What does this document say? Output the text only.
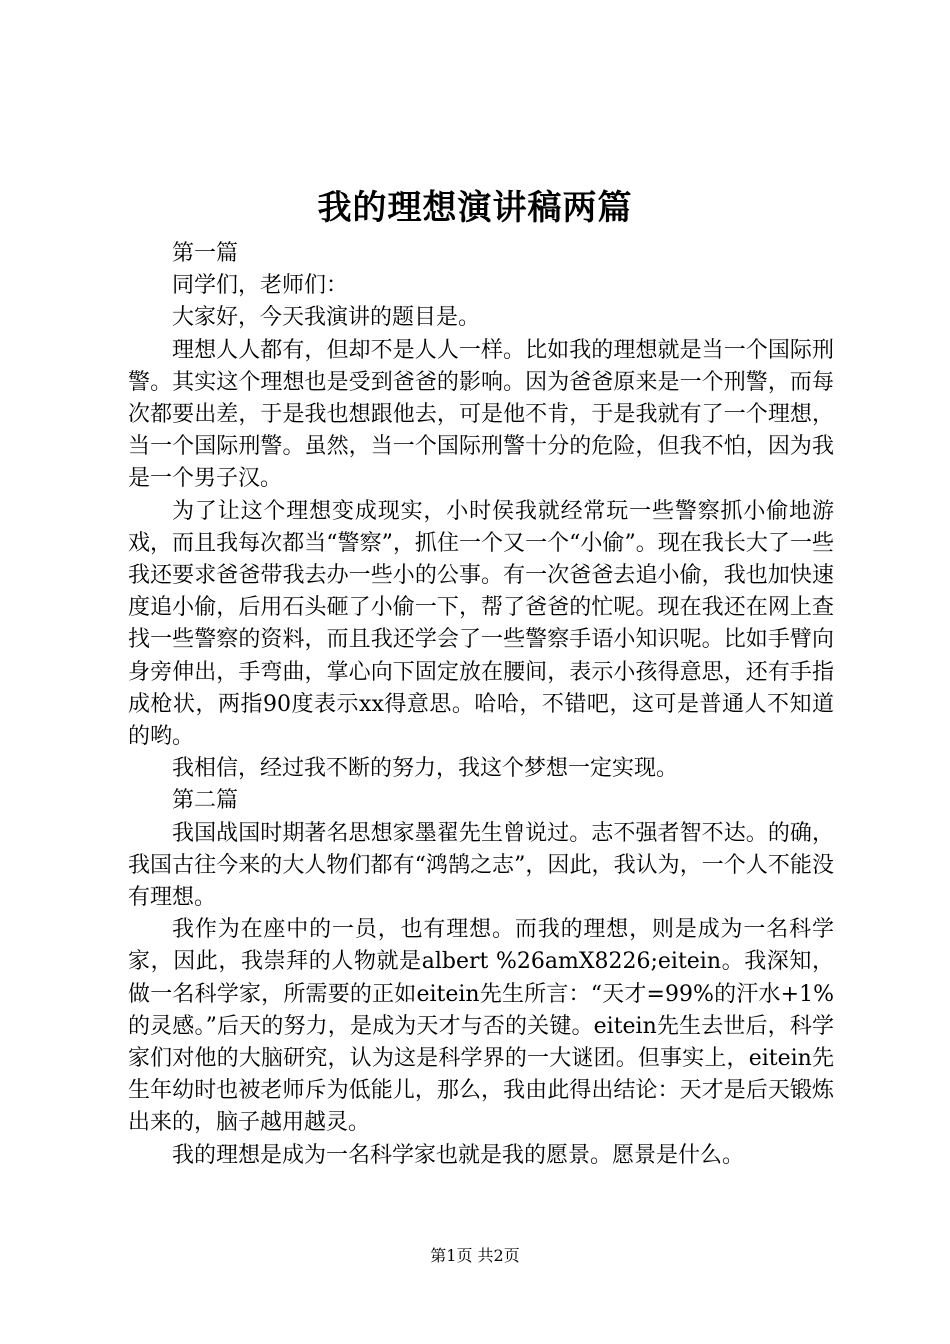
我的理想演讲稿两篇

第一篇

同学们，老师们：

大家好，今天我演讲的题目是。

理想人人都有，但却不是人人一样。比如我的理想就是当一个国际刑警。其实这个理想也是受到爸爸的影响。因为爸爸原来是一个刑警，而每次都要出差，于是我也想跟他去，可是他不肯，于是我就有了一个理想，当一个国际刑警。虽然，当一个国际刑警十分的危险，但我不怕，因为我是一个男子汉。

为了让这个理想变成现实，小时侯我就经常玩一些警察抓小偷地游戏，而且我每次都当“警察”，抓住一个又一个“小偷”。现在我长大了一些我还要求爸爸带我去办一些小的公事。有一次爸爸去追小偷，我也加快速度追小偷，后用石头砸了小偷一下，帮了爸爸的忙呢。现在我还在网上查找一些警察的资料，而且我还学会了一些警察手语小知识呢。比如手臂向身旁伸出，手弯曲，掌心向下固定放在腰间，表示小孩得意思，还有手指成枪状，两指90度表示xx得意思。哈哈，不错吧，这可是普通人不知道的哟。

我相信，经过我不断的努力，我这个梦想一定实现。

第二篇

我国战国时期著名思想家墨翟先生曾说过。志不强者智不达。的确，我国古往今来的大人物们都有“鸿鹄之志”，因此，我认为，一个人不能没有理想。

我作为在座中的一员，也有理想。而我的理想，则是成为一名科学家，因此，我崇拜的人物就是albert %26amX8226;eitein。我深知，做一名科学家，所需要的正如eitein先生所言：“天才=99%的汗水+1%的灵感。”后天的努力，是成为天才与否的关键。eitein先生去世后，科学家们对他的大脑研究，认为这是科学界的一大谜团。但事实上，eitein先生年幼时也被老师斥为低能儿，那么，我由此得出结论：天才是后天锻炼出来的，脑子越用越灵。

我的理想是成为一名科学家也就是我的愿景。愿景是什么。

第1页 共2页
